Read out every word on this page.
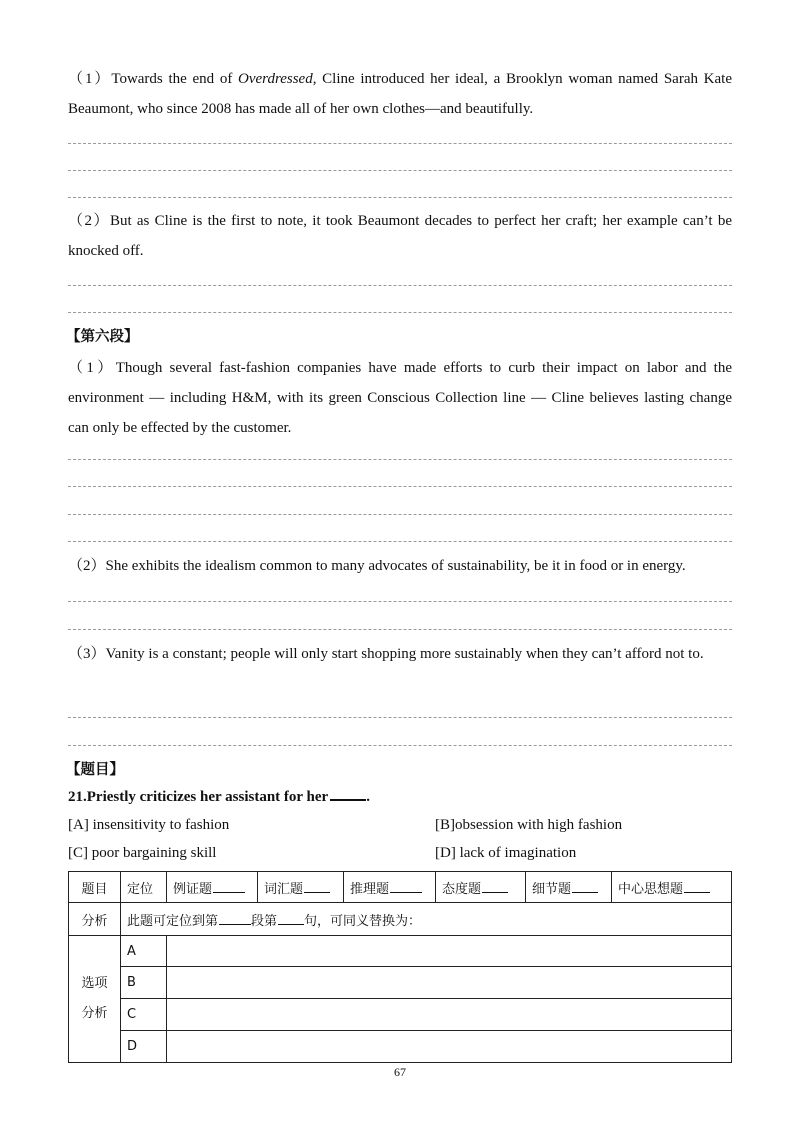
（1）Towards the end of Overdressed, Cline introduced her ideal, a Brooklyn woman named Sarah Kate Beaumont, who since 2008 has made all of her own clothes—and beautifully.
（2）But as Cline is the first to note, it took Beaumont decades to perfect her craft; her example can’t be knocked off.
【第六段】
（1）Though several fast-fashion companies have made efforts to curb their impact on labor and the environment — including H&M, with its green Conscious Collection line — Cline believes lasting change can only be effected by the customer.
（2）She exhibits the idealism common to many advocates of sustainability, be it in food or in energy.
（3）Vanity is a constant; people will only start shopping more sustainably when they can’t afford not to.
【题目】
21.Priestly criticizes her assistant for her	.
[A] insensitivity to fashion	[B]obsession with high fashion
[C] poor bargaining skill	[D] lack of imagination
题目	定位	例证题	词汇题	推理题	态度题	细节题	中心思想题
分析	此题可定位到第 段第 句，可同义替换为：						
选项
分析	A						
	B						
	C						
	D						
67
